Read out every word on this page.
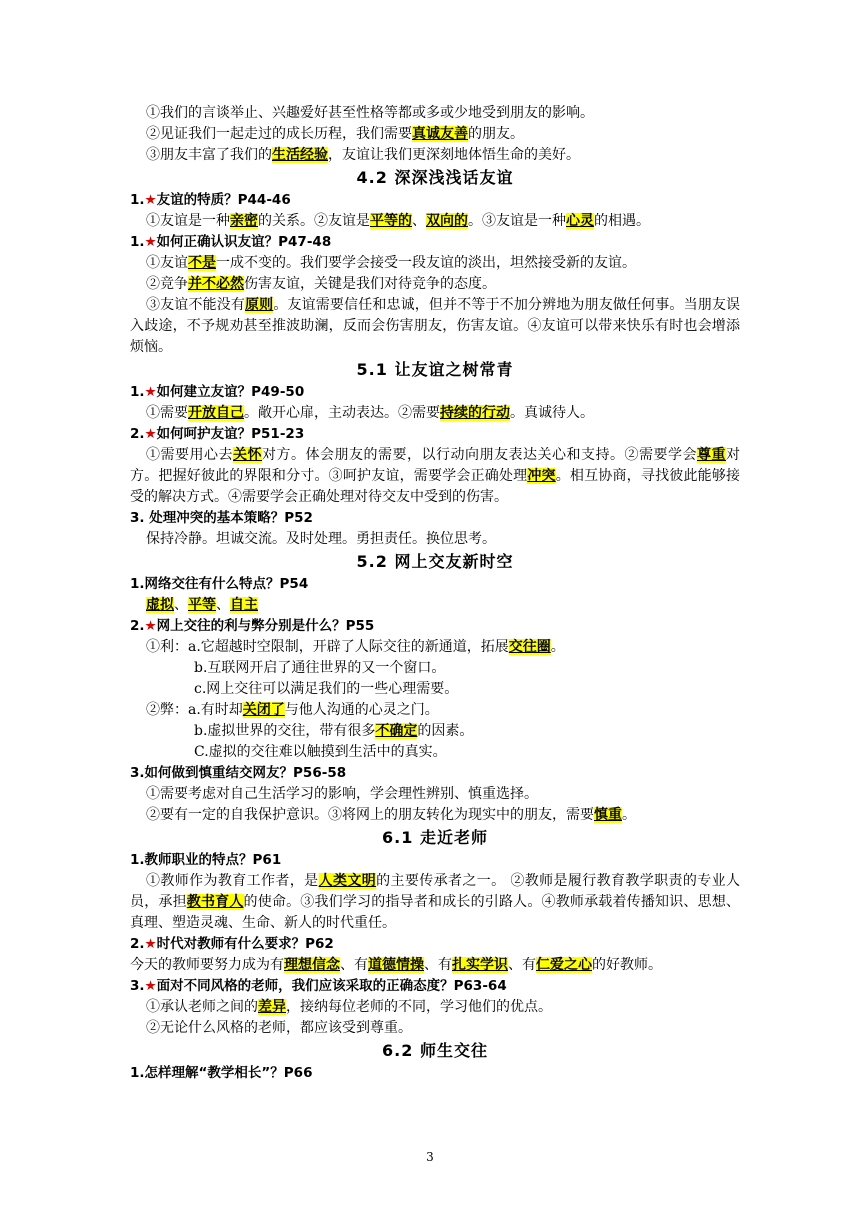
①我们的言谈举止、兴趣爱好甚至性格等都或多或少地受到朋友的影响。
②见证我们一起走过的成长历程，我们需要真诚友善的朋友。
③朋友丰富了我们的生活经验，友谊让我们更深刻地体悟生命的美好。
4.2 深深浅浅话友谊
1.★友谊的特质？P44-46
①友谊是一种亲密的关系。②友谊是平等的、双向的。③友谊是一种心灵的相遇。
1.★如何正确认识友谊？P47-48
①友谊不是一成不变的。我们要学会接受一段友谊的淡出，坦然接受新的友谊。
②竞争并不必然伤害友谊，关键是我们对待竞争的态度。
③友谊不能没有原则。友谊需要信任和忠诚，但并不等于不加分辨地为朋友做任何事。当朋友误入歧途，不予规劝甚至推波助澜，反而会伤害朋友，伤害友谊。④友谊可以带来快乐有时也会增添烦恼。
5.1 让友谊之树常青
1.★如何建立友谊？P49-50
①需要开放自己。敞开心扉，主动表达。②需要持续的行动。真诚待人。
2.★如何呵护友谊？P51-23
①需要用心去关怀对方。体会朋友的需要，以行动向朋友表达关心和支持。②需要学会尊重对方。把握好彼此的界限和分寸。③呵护友谊，需要学会正确处理冲突。相互协商，寻找彼此能够接受的解决方式。④需要学会正确处理对待交友中受到的伤害。
3. 处理冲突的基本策略？P52
保持冷静。坦诚交流。及时处理。勇担责任。换位思考。
5.2 网上交友新时空
1.网络交往有什么特点？P54
虚拟、平等、自主
2.★网上交往的利与弊分别是什么？P55
①利：a.它超越时空限制，开辟了人际交往的新通道，拓展交往圈。
b.互联网开启了通往世界的又一个窗口。
c.网上交往可以满足我们的一些心理需要。
②弊：a.有时却关闭了与他人沟通的心灵之门。
b.虚拟世界的交往，带有很多不确定的因素。
C.虚拟的交往难以触摸到生活中的真实。
3.如何做到慎重结交网友？P56-58
①需要考虑对自己生活学习的影响，学会理性辨别、慎重选择。
②要有一定的自我保护意识。③将网上的朋友转化为现实中的朋友，需要慎重。
6.1 走近老师
1.教师职业的特点？P61
①教师作为教育工作者，是人类文明的主要传承者之一。 ②教师是履行教育教学职责的专业人员，承担教书育人的使命。③我们学习的指导者和成长的引路人。④教师承载着传播知识、思想、真理、塑造灵魂、生命、新人的时代重任。
2.★时代对教师有什么要求？P62
今天的教师要努力成为有理想信念、有道德情操、有扎实学识、有仁爱之心的好教师。
3.★面对不同风格的老师，我们应该采取的正确态度？P63-64
①承认老师之间的差异，接纳每位老师的不同，学习他们的优点。
②无论什么风格的老师，都应该受到尊重。
6.2 师生交往
1.怎样理解“教学相长”？P66
3
